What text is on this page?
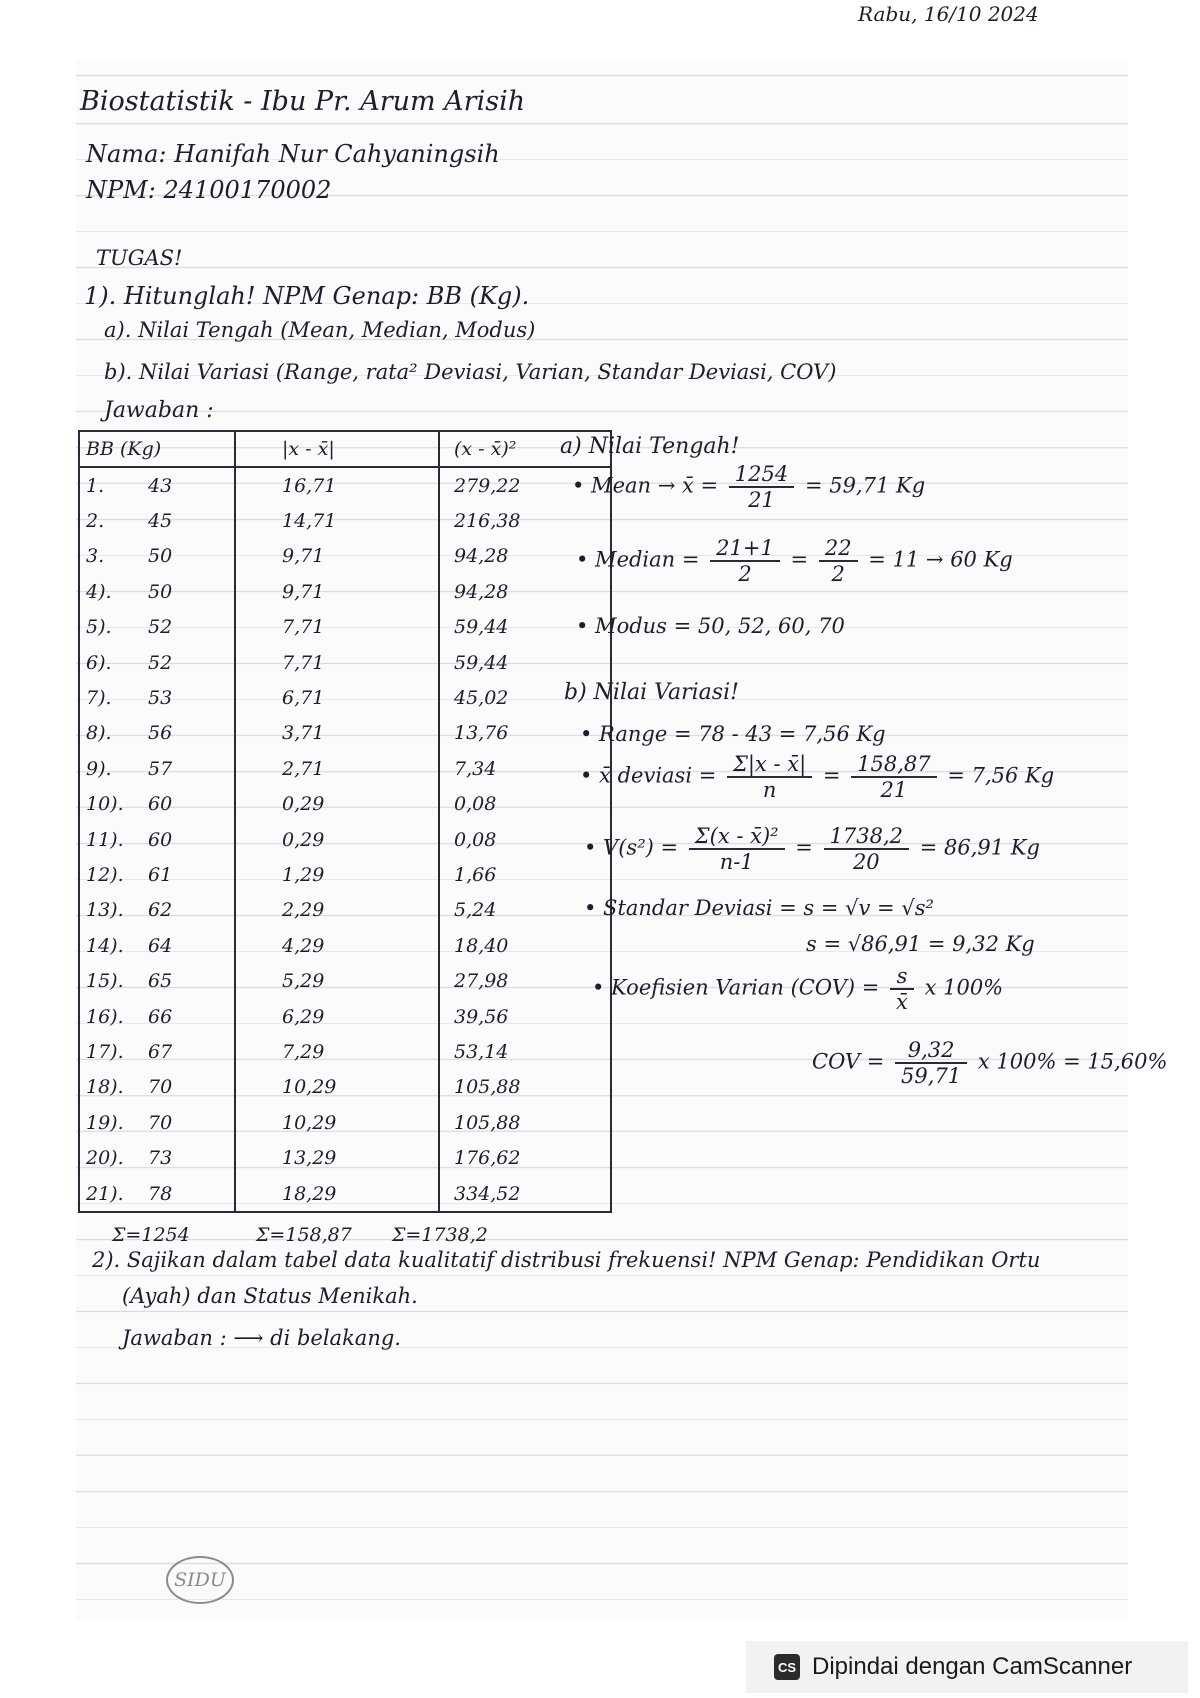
Rabu, 16/10 2024
Biostatistik - Ibu Pr. Arum Arisih
Nama: Hanifah Nur Cahyaningsih
NPM: 24100170002
TUGAS!
1). Hitunglah! NPM Genap: BB (Kg).
a). Nilai Tengah (Mean, Median, Modus)
b). Nilai Variasi (Range, rata² Deviasi, Varian, Standar Deviasi, COV)
Jawaban :
BB (Kg)	|x - x̄|	(x - x̄)²
1. 43	16,71	279,22
2. 45	14,71	216,38
3. 50	9,71	94,28
4). 50	9,71	94,28
5). 52	7,71	59,44
6). 52	7,71	59,44
7). 53	6,71	45,02
8). 56	3,71	13,76
9). 57	2,71	7,34
10). 60	0,29	0,08
11). 60	0,29	0,08
12). 61	1,29	1,66
13). 62	2,29	5,24
14). 64	4,29	18,40
15). 65	5,29	27,98
16). 66	6,29	39,56
17). 67	7,29	53,14
18). 70	10,29	105,88
19). 70	10,29	105,88
20). 73	13,29	176,62
21). 78	18,29	334,52
Σ=1254	Σ=158,87 Σ=1738,2
a) Nilai Tengah!
• Mean → x̄ = $\frac{1254}{21} = 59,71$ Kg
• Median = $\frac{21+1}{2} = \frac{22}{2} = 11 \to 60$ Kg
• Modus = 50, 52, 60, 70
b) Nilai Variasi!
• Range = 78 - 43 = 7,56 Kg
• x̄ deviasi = $\frac{\Sigma|x - x̄|}{n} = \frac{158,87}{21} = 7,56$ Kg
• $V(s^2) = \frac{\text{Σ(x - x̄)²}}{n-1} = \frac{1738,2}{20} = 86,91$ Kg
• Standar Deviasi = s = √v = √s²
s = √86,91 = 9,32 Kg
• Koefisien Varian $(COV) = \frac{s}{x̄}$ x 100%
COV = $\frac{9,32}{59,71}$ x 100% = 15,60%
2). Sajikan dalam tabel data kualitatif distribusi frekuensi! NPM Genap: Pendidikan Ortu
(Ayah) dan Status Menikah.
Jawaban : ⟶ di belakang.
SIDU
CS Dipindai dengan CamScanner
